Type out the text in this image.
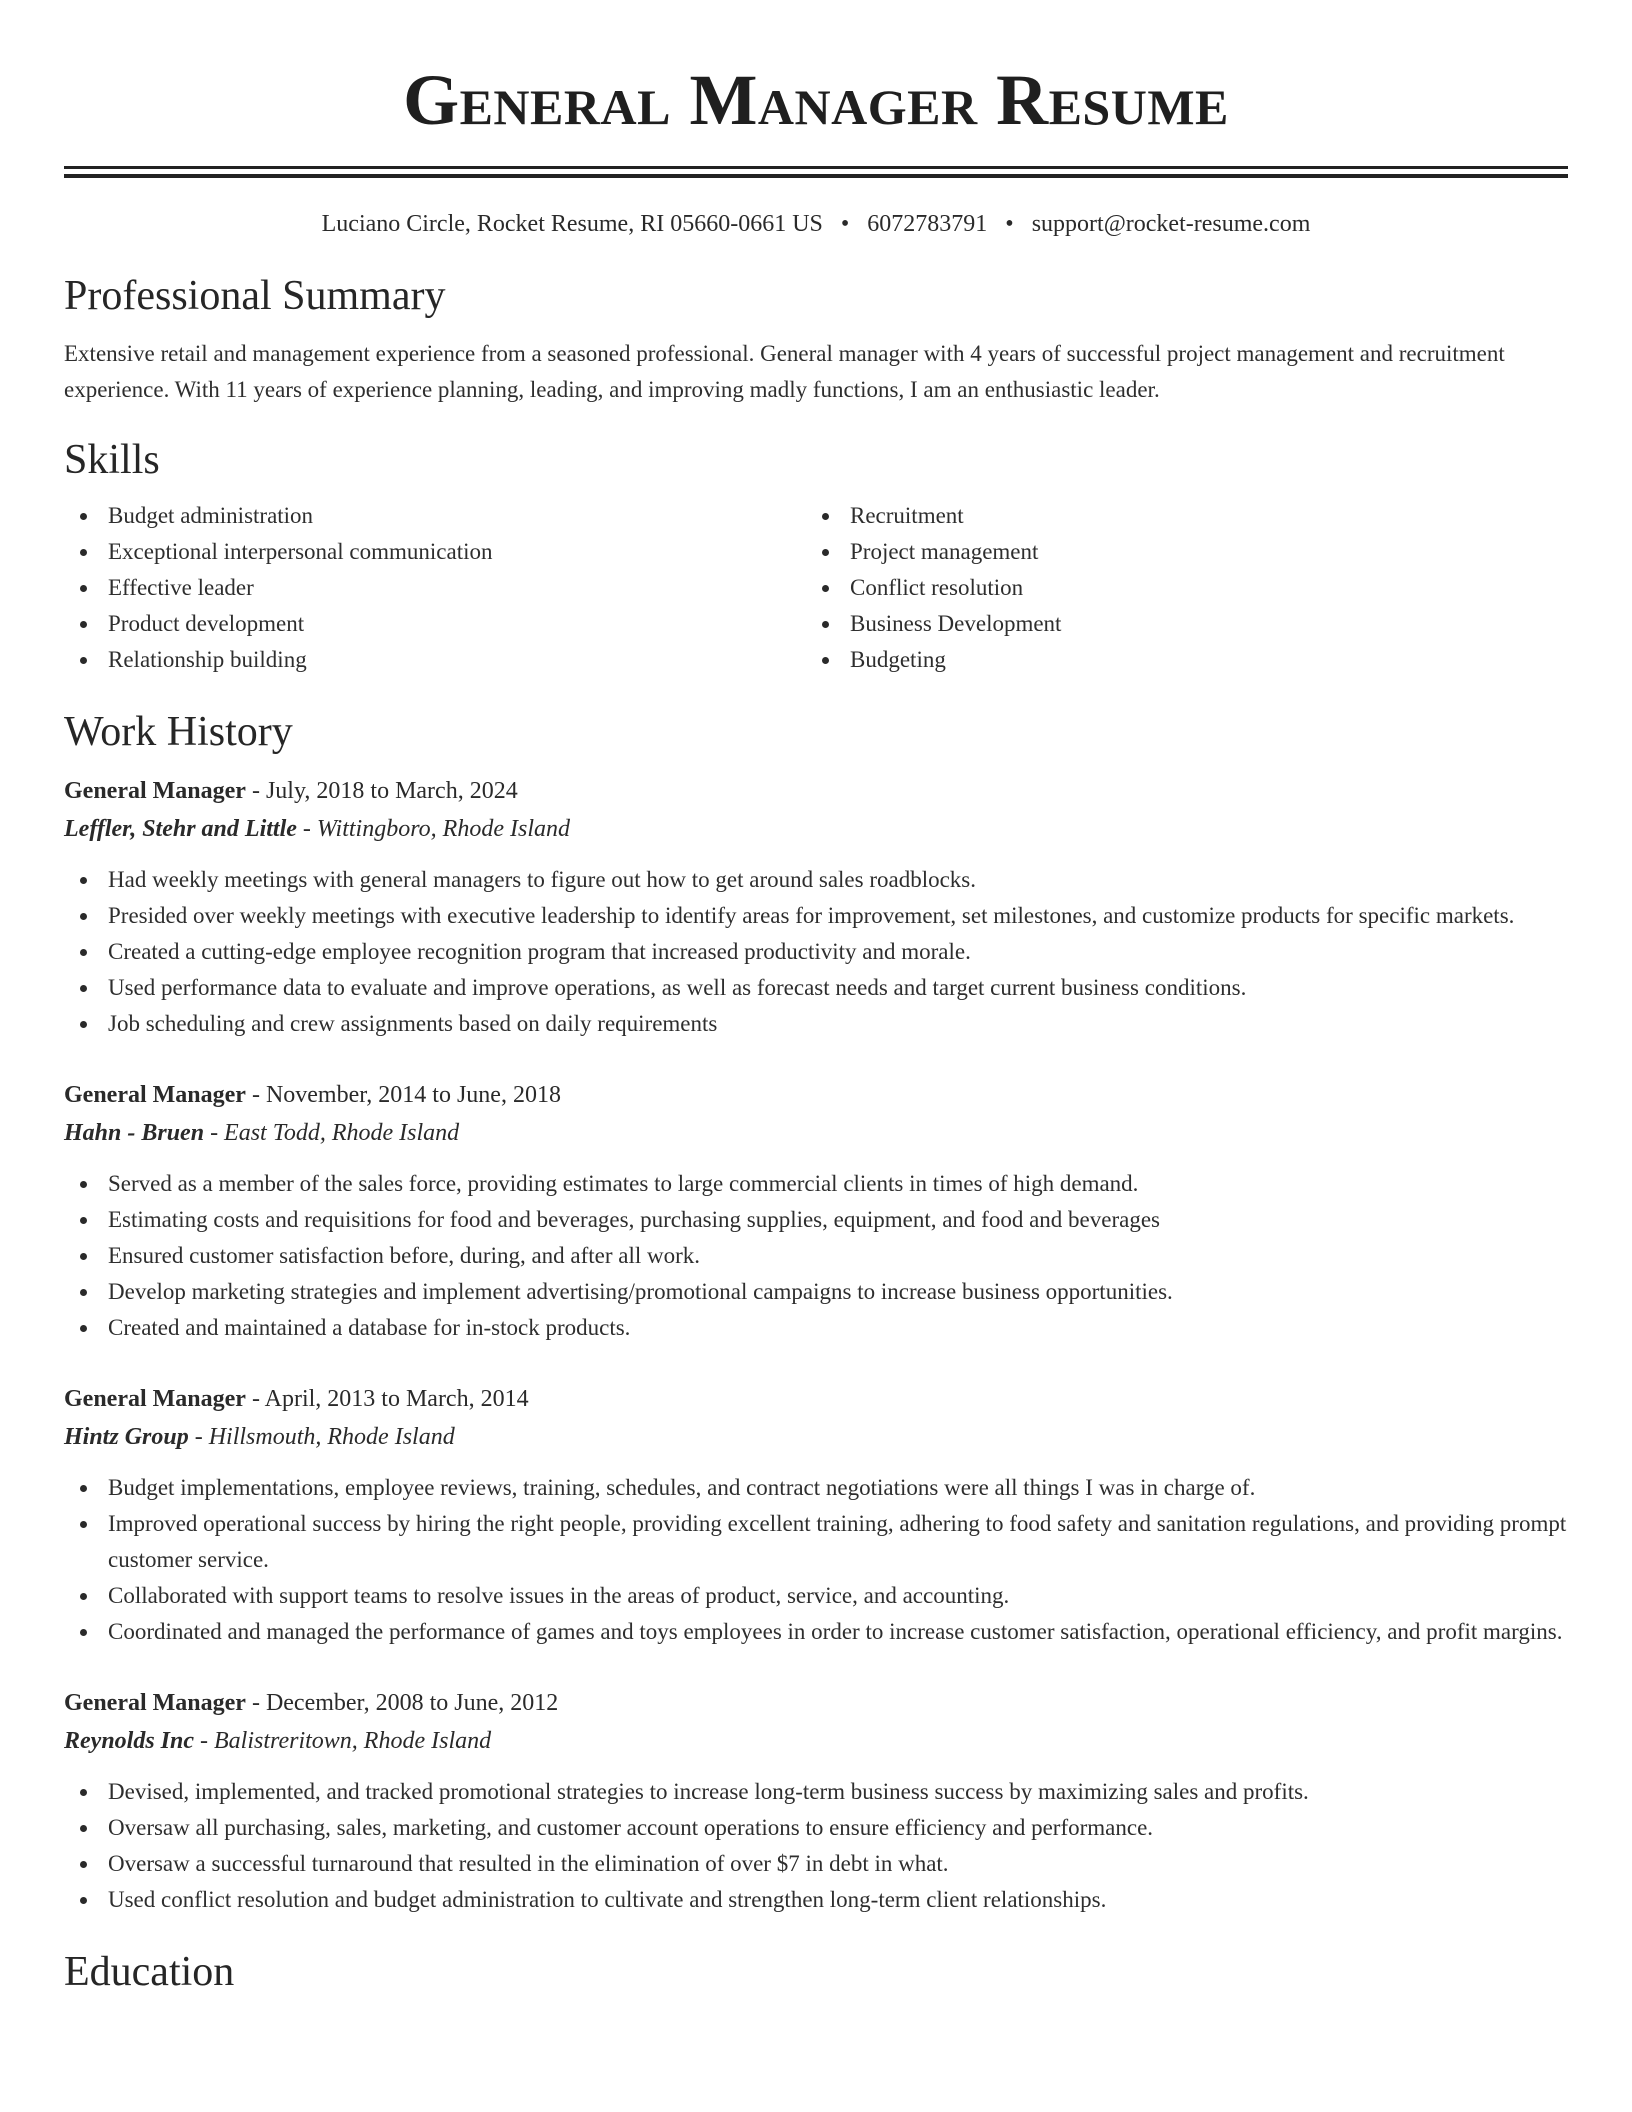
General Manager Resume
Luciano Circle, Rocket Resume, RI 05660-0661 US • 6072783791 • support@rocket-resume.com
Professional Summary

Extensive retail and management experience from a seasoned professional. General manager with 4 years of successful project management and recruitment experience. With 11 years of experience planning, leading, and improving madly functions, I am an enthusiastic leader.

Skills
Budget administration
Exceptional interpersonal communication
Effective leader
Product development
Relationship building
Recruitment
Project management
Conflict resolution
Business Development
Budgeting
Work History
General Manager - July, 2018 to March, 2024
Leffler, Stehr and Little - Wittingboro, Rhode Island
Had weekly meetings with general managers to figure out how to get around sales roadblocks.
Presided over weekly meetings with executive leadership to identify areas for improvement, set milestones, and customize products for specific markets.
Created a cutting-edge employee recognition program that increased productivity and morale.
Used performance data to evaluate and improve operations, as well as forecast needs and target current business conditions.
Job scheduling and crew assignments based on daily requirements
General Manager - November, 2014 to June, 2018
Hahn - Bruen - East Todd, Rhode Island
Served as a member of the sales force, providing estimates to large commercial clients in times of high demand.
Estimating costs and requisitions for food and beverages, purchasing supplies, equipment, and food and beverages
Ensured customer satisfaction before, during, and after all work.
Develop marketing strategies and implement advertising/promotional campaigns to increase business opportunities.
Created and maintained a database for in-stock products.
General Manager - April, 2013 to March, 2014
Hintz Group - Hillsmouth, Rhode Island
Budget implementations, employee reviews, training, schedules, and contract negotiations were all things I was in charge of.
Improved operational success by hiring the right people, providing excellent training, adhering to food safety and sanitation regulations, and providing prompt customer service.
Collaborated with support teams to resolve issues in the areas of product, service, and accounting.
Coordinated and managed the performance of games and toys employees in order to increase customer satisfaction, operational efficiency, and profit margins.
General Manager - December, 2008 to June, 2012
Reynolds Inc - Balistreritown, Rhode Island
Devised, implemented, and tracked promotional strategies to increase long-term business success by maximizing sales and profits.
Oversaw all purchasing, sales, marketing, and customer account operations to ensure efficiency and performance.
Oversaw a successful turnaround that resulted in the elimination of over $7 in debt in what.
Used conflict resolution and budget administration to cultivate and strengthen long-term client relationships.
Education
